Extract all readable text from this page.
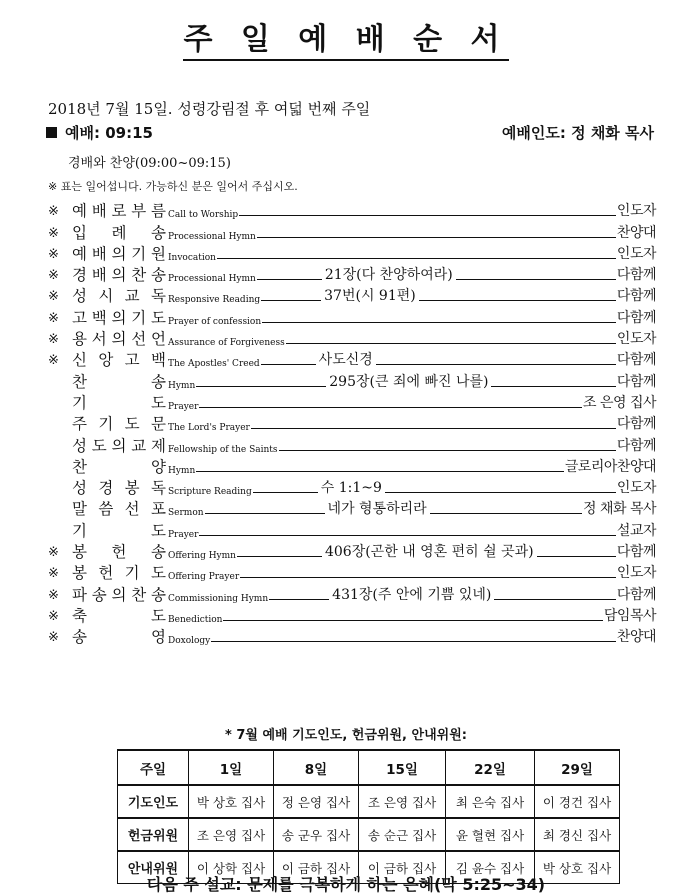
주 일 예 배 순 서
2018년 7월 15일. 성령강림절 후 여덟 번째 주일
예배: 09:15	예배인도: 정 채화 목사
경배와 찬양(09:00~09:15)
※ 표는 일어섭니다. 가능하신 분은 일어서 주십시오.
※ 예 배 로 부 름 Call to Worship	인도자
※ 입 례 송 Processional Hymn	찬양대
※ 예 배 의 기 원 Invocation	인도자
※ 경 배 의 찬 송 Processional Hymn	21장(다 찬양하여라)	다함께
※ 성 시 교 독 Responsive Reading	37번(시 91편)	다함께
※ 고 백 의 기 도 Prayer of confession	다함께
※ 용 서 의 선 언 Assurance of Forgiveness	인도자
※ 신 앙 고 백 The Apostles' Creed	사도신경	다함께
찬	송 Hymn	295장(큰 죄에 빠진 나를)	다함께
기	도 Prayer	조 은영 집사
주 기 도 문 The Lord's Prayer	다함께
성 도 의 교 제 Fellowship of the Saints	다함께
찬	양 Hymn	글로리아찬양대
성 경 봉 독 Scripture Reading	수 1:1~9	인도자
말 씀 선 포 Sermon	네가 형통하리라	정 채화 목사
기	도 Prayer	설교자
※ 봉 헌 송 Offering Hymn	406장(곤한 내 영혼 편히 쉴 곳과)	다함께
※ 봉 헌 기 도 Offering Prayer	인도자
※ 파 송 의 찬 송 Commissioning Hymn	431장(주 안에 기쁨 있네)	다함께
※ 축	도 Benediction	담임목사
※ 송	영 Doxology	찬양대
* 7월 예배 기도인도, 헌금위원, 안내위원:
주일	1일	8일	15일	22일	29일
기도인도	박 상호 집사	정 은영 집사	조 은영 집사	최 은숙 집사	이 경건 집사
헌금위원	조 은영 집사	송 군우 집사	송 순근 집사	윤 혈현 집사	최 경신 집사
안내위원	이 상학 집사	이 금하 집사	이 금하 집사	김 윤수 집사	박 상호 집사
다음 주 설교: 문제를 극복하게 하는 은혜(막 5:25~34)
